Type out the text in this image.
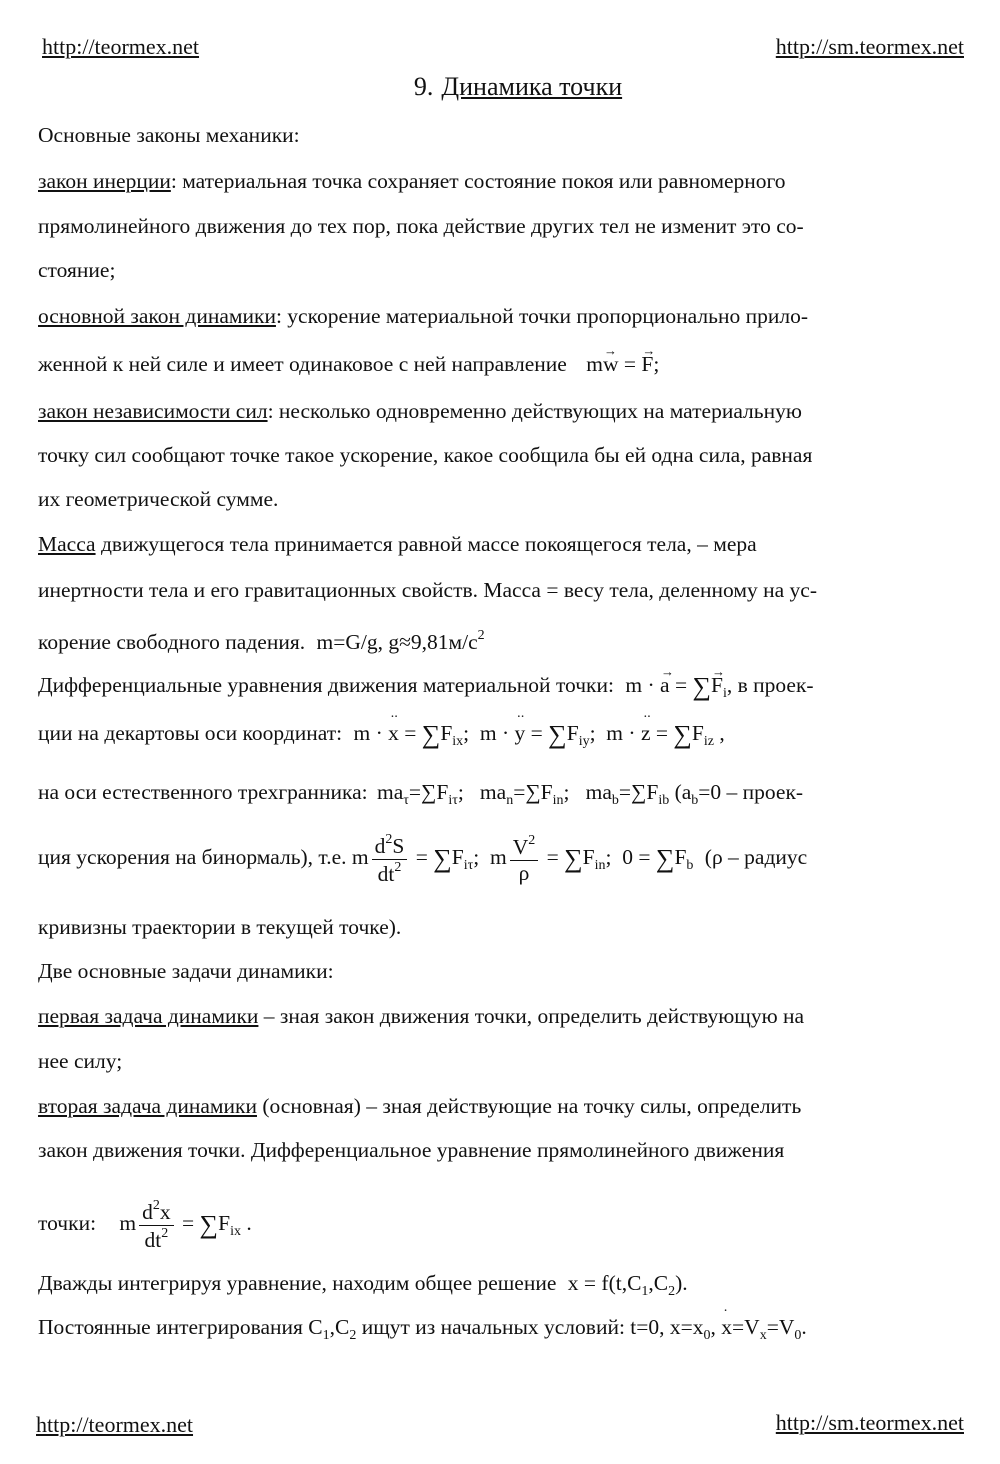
http://teormex.net	http://sm.teormex.net
9. Динамика точки
Основные законы механики:
закон инерции: материальная точка сохраняет состояние покоя или равномерного
прямолинейного движения до тех пор, пока действие других тел не изменит это со-
стояние;
основной закон динамики: ускорение материальной точки пропорционально прило-
женной к ней силе и имеет одинаковое с ней направление m→ w = → F;
закон независимости сил: несколько одновременно действующих на материальную
точку сил сообщают точке такое ускорение, какое сообщила бы ей одна сила, равная
их геометрической сумме.
Масса движущегося тела принимается равной массе покоящегося тела, – мера
инертности тела и его гравитационных свойств. Масса = весу тела, деленному на ус-
корение свободного падения. m=G/g, $g\approx 9,81м/с^2$
Дифференциальные уравнения движения материальной точки: m · → a = ∑→ $F_i$, в проек-
ции на декартовы оси координат: m · ·· $x = \sum F_{ix}$;  m · ·· $y = \sum F_{iy}$;  m · ·· $z = \sum F_{iz}$ ,
на оси естественного трехгранника: $ma_\tau=\sum F_{i\tau}$;   $ma_n=\sum F_{in}$;   $ma_b=\sum F_{ib}$ ($a_b=0$ – проек-
ция ускорения на бинормаль), т.е. m $\frac{d^2S}{dt^2} = \sum F_{i\tau}$;  m $\frac{V^2}{\rho} = \sum F_{in}$;  $0 = \sum F_b$ (ρ – радиус
кривизны траектории в текущей точке).
Две основные задачи динамики:
первая задача динамики – зная закон движения точки, определить действующую на
нее силу;
вторая задача динамики (основная) – зная действующие на точку силы, определить
закон движения точки. Дифференциальное уравнение прямолинейного движения
точки: m $\frac{d^2x}{dt^2} = \sum F_{ix}$ .
Дважды интегрируя уравнение, находим общее решение $x = f(t,C_1,C_2)$.
Постоянные интегрирования $C_1,C_2$ ищут из начальных условий: t=0, $x=x_0$, · $x=V_x=V_0$.
http://teormex.net	http://sm.teormex.net
